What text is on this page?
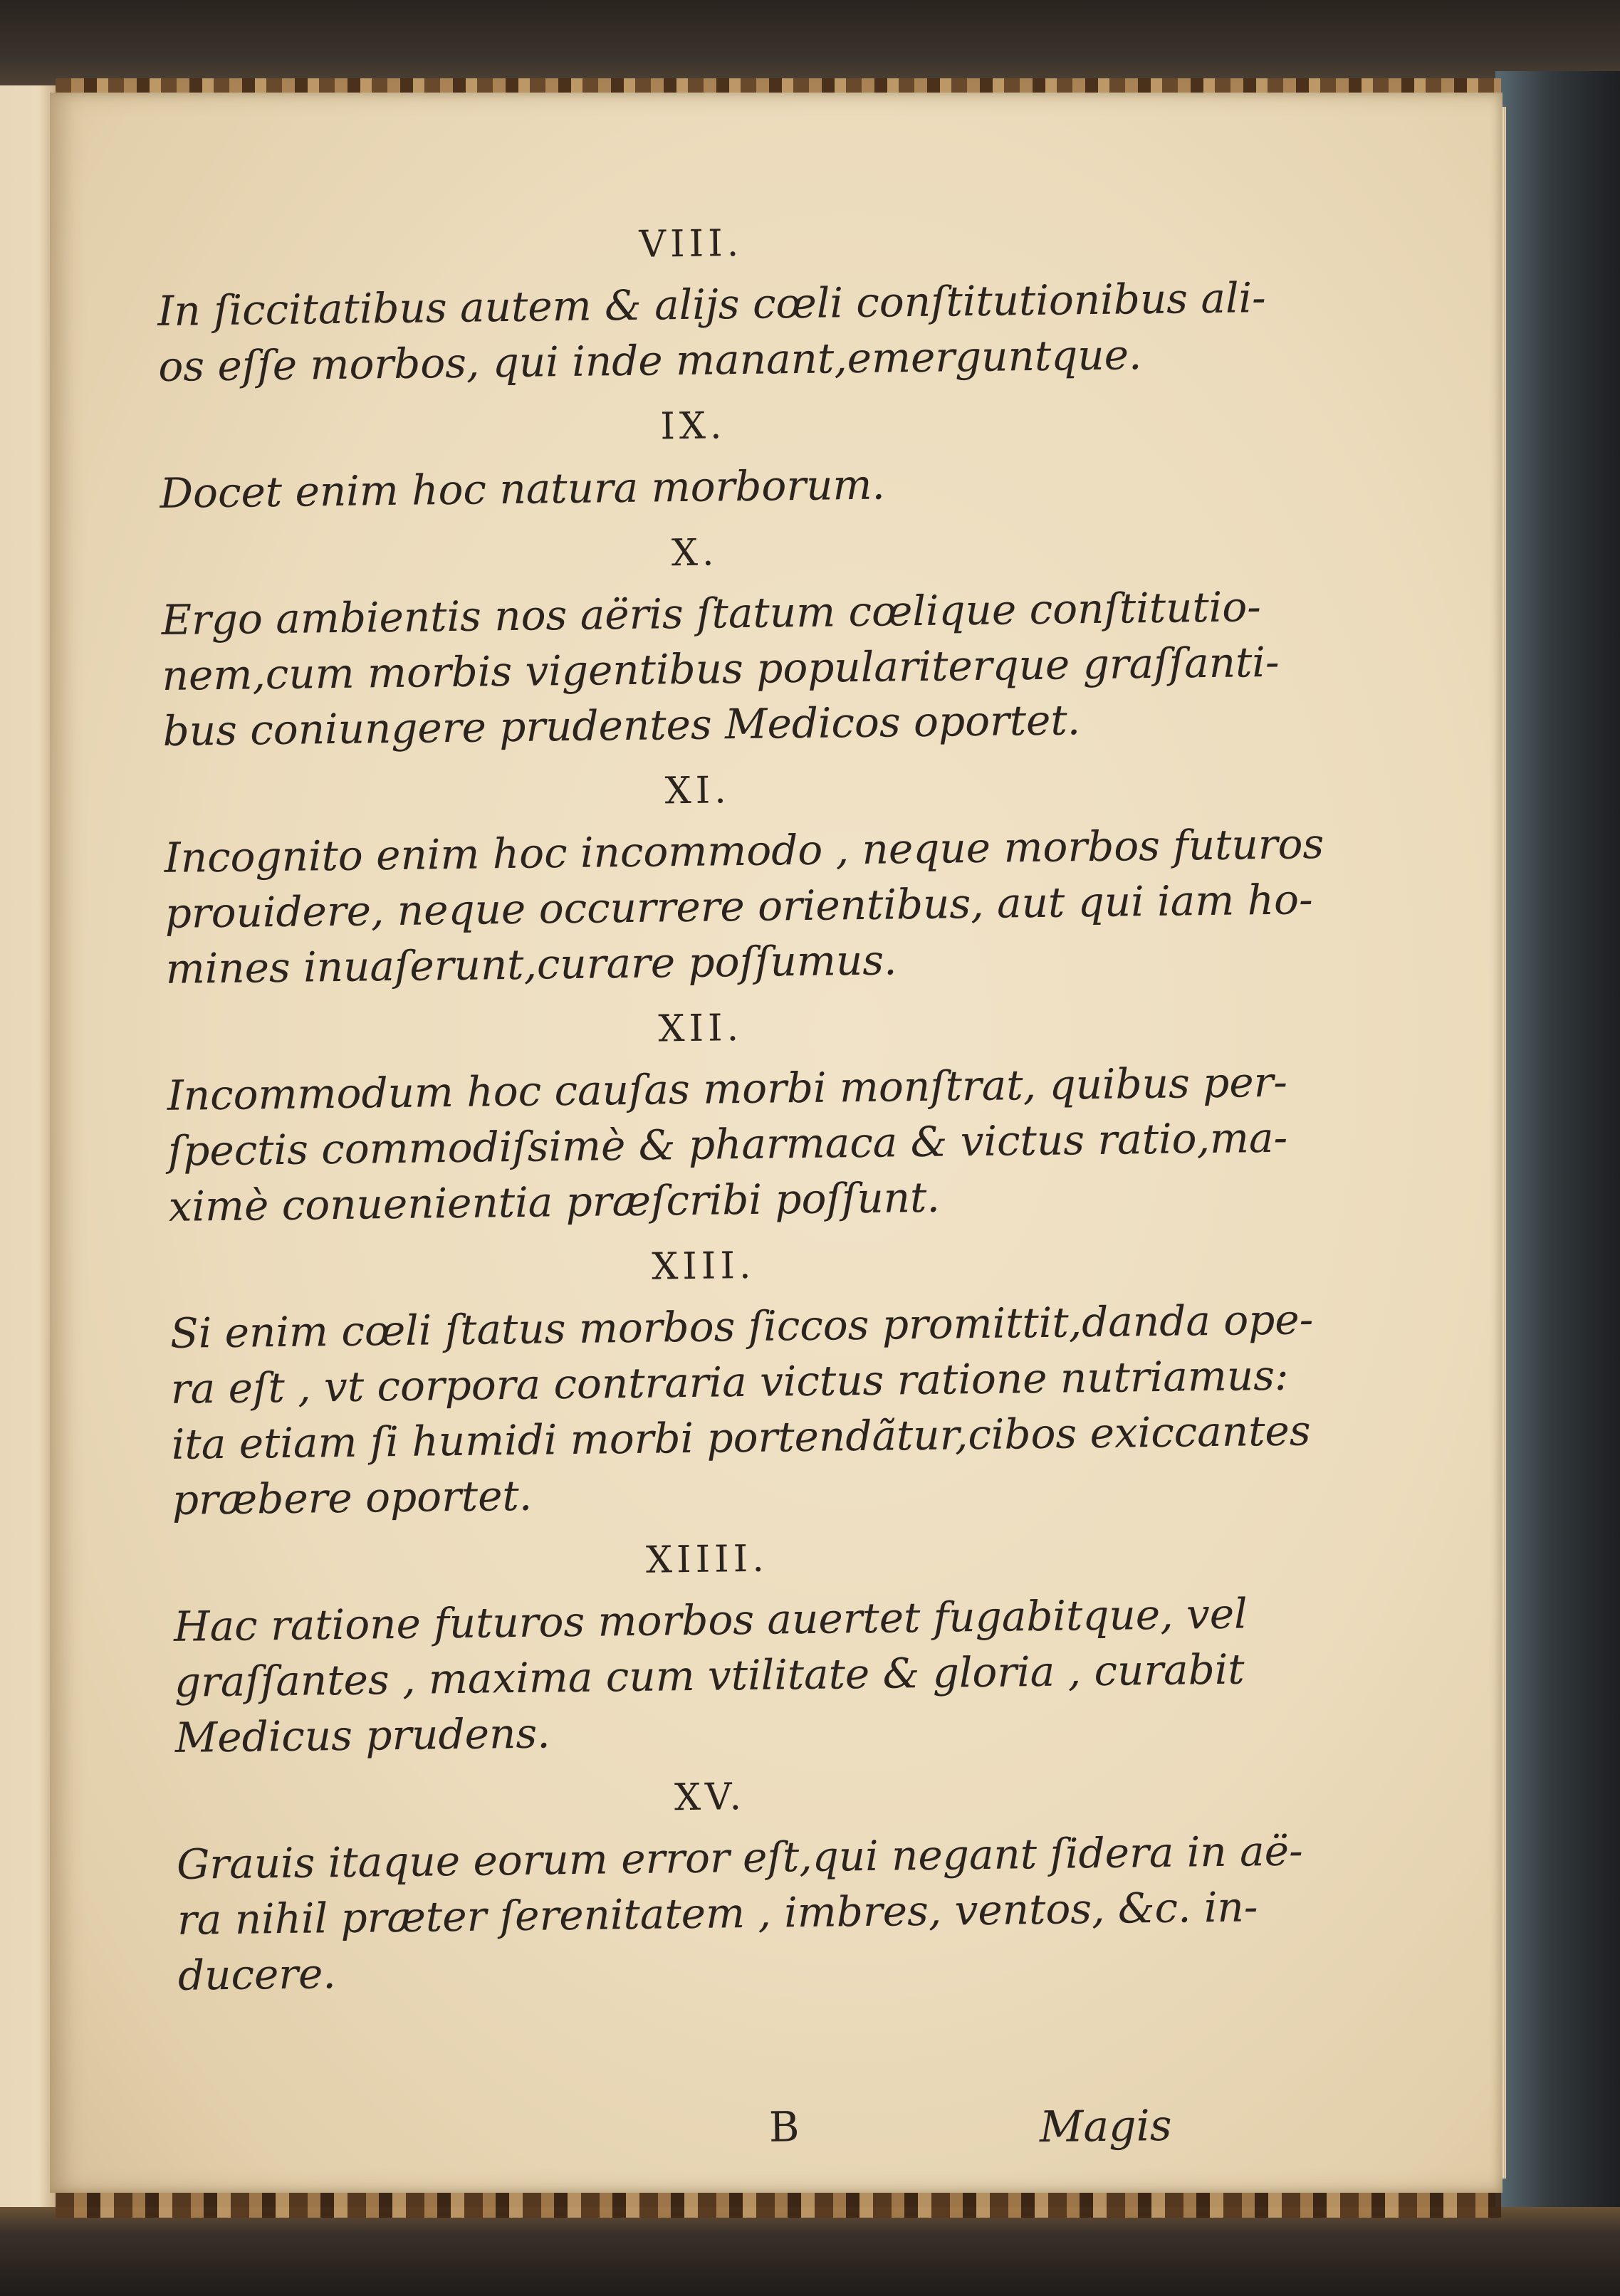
VIII.
In ſiccitatibus autem & alijs cœli conſtitutionibus ali-
os eſſe morbos, qui inde manant,emerguntque.
IX.
Docet enim hoc natura morborum.
X.
Ergo ambientis nos aëris ſtatum cœlique conſtitutio-
nem,cum morbis vigentibus populariterque graſſanti-
bus coniungere prudentes Medicos oportet.
XI.
Incognito enim hoc incommodo , neque morbos futuros
prouidere, neque occurrere orientibus, aut qui iam ho-
mines inuaſerunt,curare poſſumus.
XII.
Incommodum hoc cauſas morbi monſtrat, quibus per-
ſpectis commodiſsimè & pharmaca & victus ratio,ma-
ximè conuenientia præſcribi poſſunt.
XIII.
Si enim cœli ſtatus morbos ſiccos promittit,danda ope-
ra eſt , vt corpora contraria victus ratione nutriamus:
ita etiam ſi humidi morbi portendãtur,cibos exiccantes
præbere oportet.
XIIII.
Hac ratione futuros morbos auertet fugabitque, vel
graſſantes , maxima cum vtilitate & gloria , curabit
Medicus prudens.
XV.
Grauis itaque eorum error eſt,qui negant ſidera in aë-
ra nihil præter ſerenitatem , imbres, ventos, &c. in-
ducere.
B	Magis
